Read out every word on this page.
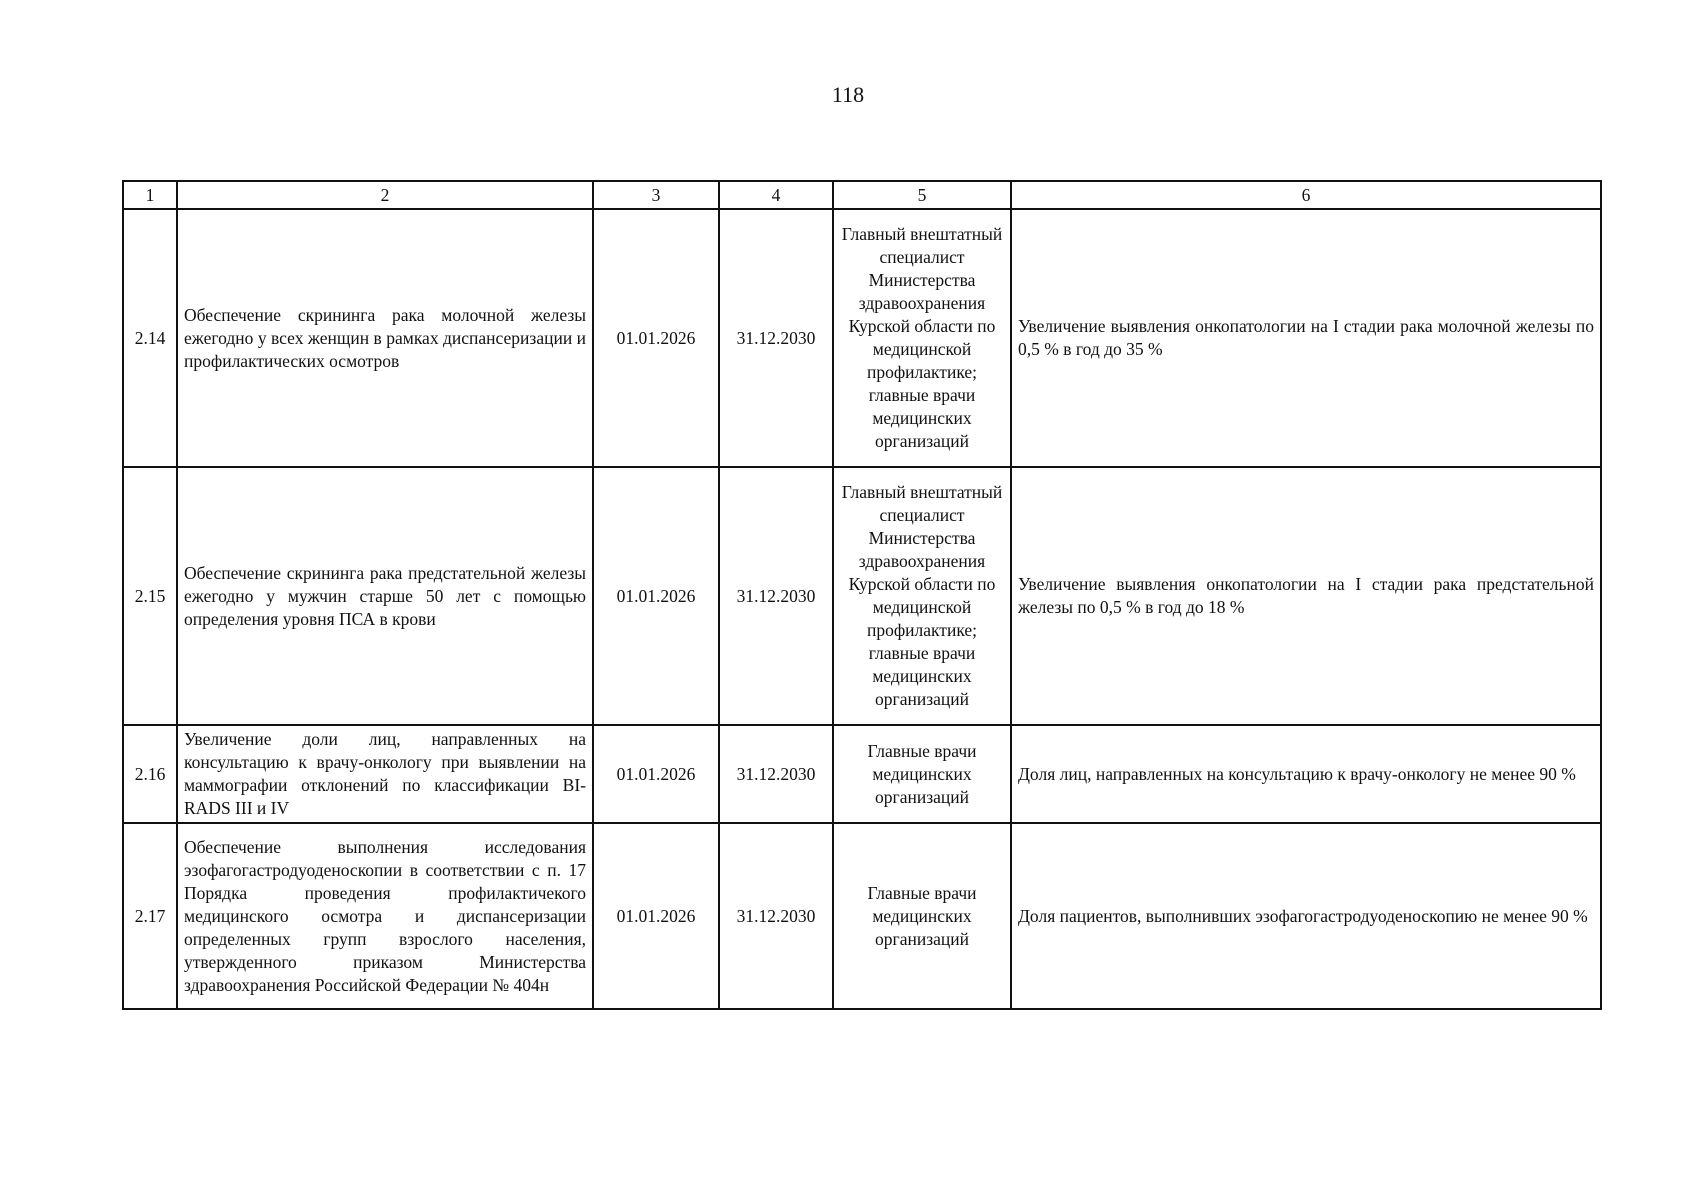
118
1	2	3	4	5	6
2.14	Обеспечение скрининга рака молочной железы ежегодно у всех женщин в рамках диспансеризации и профилактических осмотров	01.01.2026	31.12.2030	Главный внештатный специалист Министерства здравоохранения Курской области по медицинской профилактике; главные врачи медицинских организаций	Увеличение выявления онкопатологии на I стадии рака молочной железы по 0,5 % в год до 35 %
2.15	Обеспечение скрининга рака предстательной железы ежегодно у мужчин старше 50 лет с помощью определения уровня ПСА в крови	01.01.2026	31.12.2030	Главный внештатный специалист Министерства здравоохранения Курской области по медицинской профилактике; главные врачи медицинских организаций	Увеличение выявления онкопатологии на I стадии рака предстательной железы по 0,5 % в год до 18 %
2.16	Увеличение доли лиц, направленных на консультацию к врачу-онкологу при выявлении на маммографии отклонений по классификации BI-RADS III и IV	01.01.2026	31.12.2030	Главные врачи медицинских организаций	Доля лиц, направленных на консультацию к врачу-онкологу не менее 90 %
2.17	Обеспечение выполнения исследования эзофагогастродуоденоскопии в соответствии с п. 17 Порядка проведения профилактичекого медицинского осмотра и диспансеризации определенных групп взрослого населения, утвержденного приказом Министерства здравоохранения Российской Федерации № 404н	01.01.2026	31.12.2030	Главные врачи медицинских организаций	Доля пациентов, выполнивших эзофагогастродуоденоскопию не менее 90 %
